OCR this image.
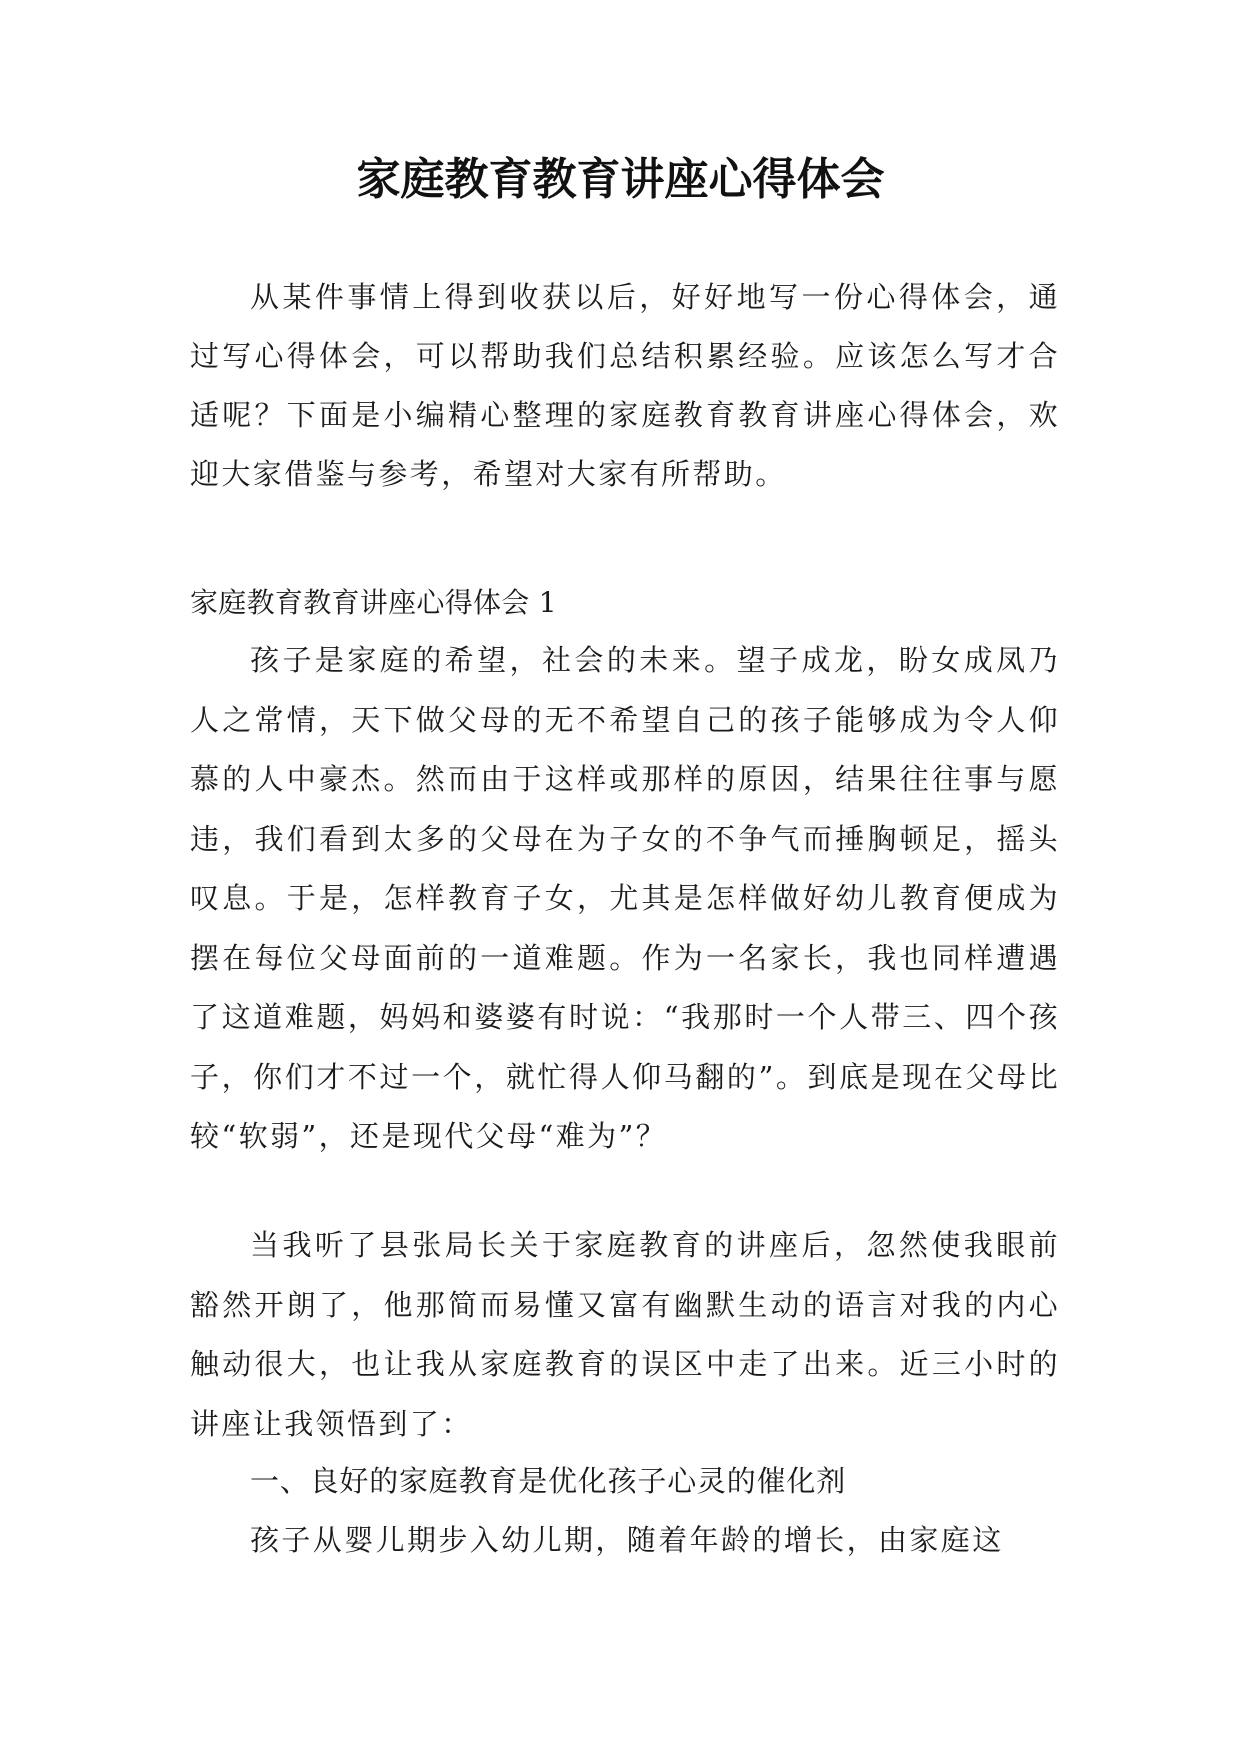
家庭教育教育讲座心得体会

从某件事情上得到收获以后，好好地写一份心得体会，通过写心得体会，可以帮助我们总结积累经验。应该怎么写才合适呢？下面是小编精心整理的家庭教育教育讲座心得体会，欢迎大家借鉴与参考，希望对大家有所帮助。

家庭教育教育讲座心得体会 1

孩子是家庭的希望，社会的未来。望子成龙，盼女成凤乃人之常情，天下做父母的无不希望自己的孩子能够成为令人仰慕的人中豪杰。然而由于这样或那样的原因，结果往往事与愿违，我们看到太多的父母在为子女的不争气而捶胸顿足，摇头叹息。于是，怎样教育子女，尤其是怎样做好幼儿教育便成为摆在每位父母面前的一道难题。作为一名家长，我也同样遭遇了这道难题，妈妈和婆婆有时说：“我那时一个人带三、四个孩子，你们才不过一个，就忙得人仰马翻的”。到底是现在父母比较“软弱”，还是现代父母“难为”？

当我听了县张局长关于家庭教育的讲座后，忽然使我眼前豁然开朗了，他那简而易懂又富有幽默生动的语言对我的内心触动很大，也让我从家庭教育的误区中走了出来。近三小时的讲座让我领悟到了：

一、良好的家庭教育是优化孩子心灵的催化剂

孩子从婴儿期步入幼儿期，随着年龄的增长，由家庭这
